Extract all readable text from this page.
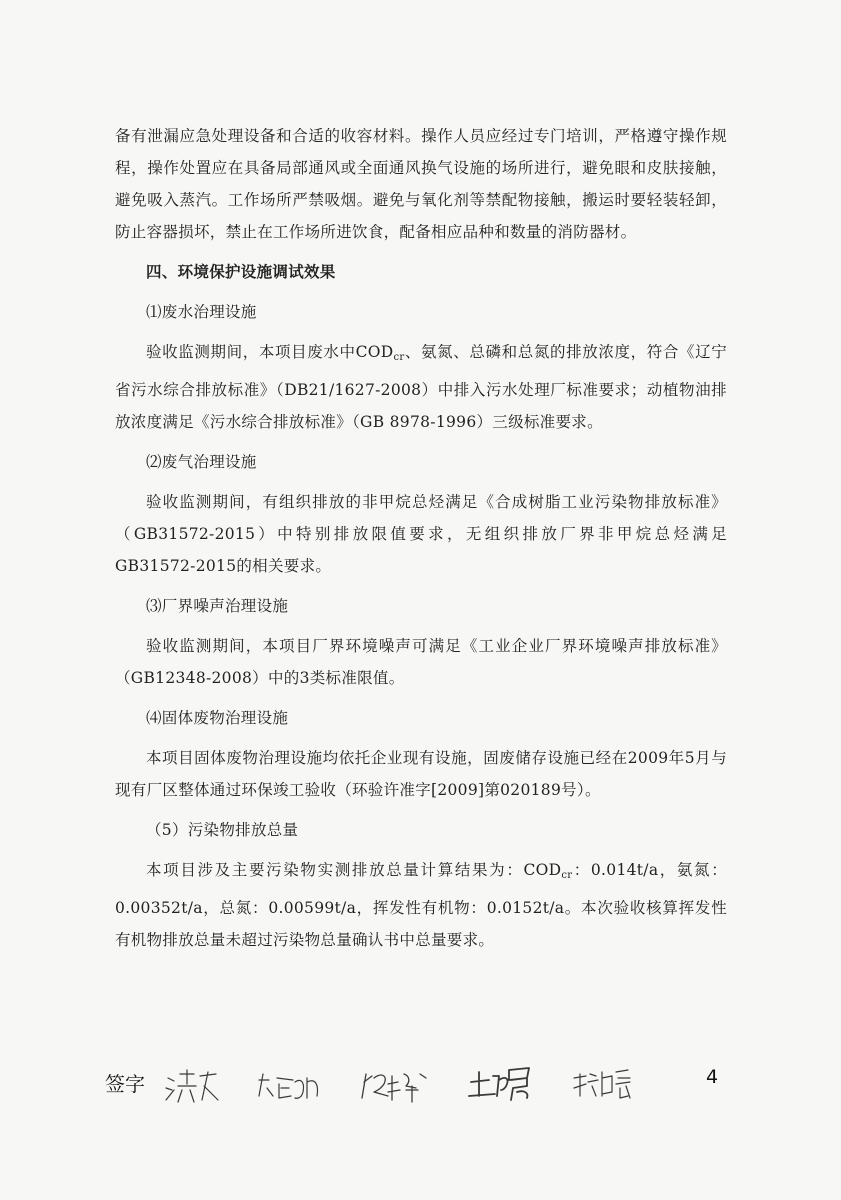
备有泄漏应急处理设备和合适的收容材料。操作人员应经过专门培训，严格遵守操作规程，操作处置应在具备局部通风或全面通风换气设施的场所进行，避免眼和皮肤接触，避免吸入蒸汽。工作场所严禁吸烟。避免与氧化剂等禁配物接触，搬运时要轻装轻卸，防止容器损坏，禁止在工作场所进饮食，配备相应品种和数量的消防器材。

四、环境保护设施调试效果

⑴废水治理设施

验收监测期间，本项目废水中$COD_{cr}$、氨氮、总磷和总氮的排放浓度，符合《辽宁省污水综合排放标准》（DB21/1627-2008）中排入污水处理厂标准要求；动植物油排放浓度满足《污水综合排放标准》（GB 8978-1996）三级标准要求。

⑵废气治理设施

验收监测期间，有组织排放的非甲烷总烃满足《合成树脂工业污染物排放标准》（GB31572-2015）中特别排放限值要求，无组织排放厂界非甲烷总烃满足GB31572-2015的相关要求。

⑶厂界噪声治理设施

验收监测期间，本项目厂界环境噪声可满足《工业企业厂界环境噪声排放标准》（GB12348-2008）中的3类标准限值。

⑷固体废物治理设施

本项目固体废物治理设施均依托企业现有设施，固废储存设施已经在2009年5月与现有厂区整体通过环保竣工验收（环验许准字[2009]第020189号）。

（5）污染物排放总量

本项目涉及主要污染物实测排放总量计算结果为：$COD_{cr}$：0.014t/a，氨氮：0.00352t/a，总氮：0.00599t/a，挥发性有机物：0.0152t/a。本次验收核算挥发性有机物排放总量未超过污染物总量确认书中总量要求。

签字	4
